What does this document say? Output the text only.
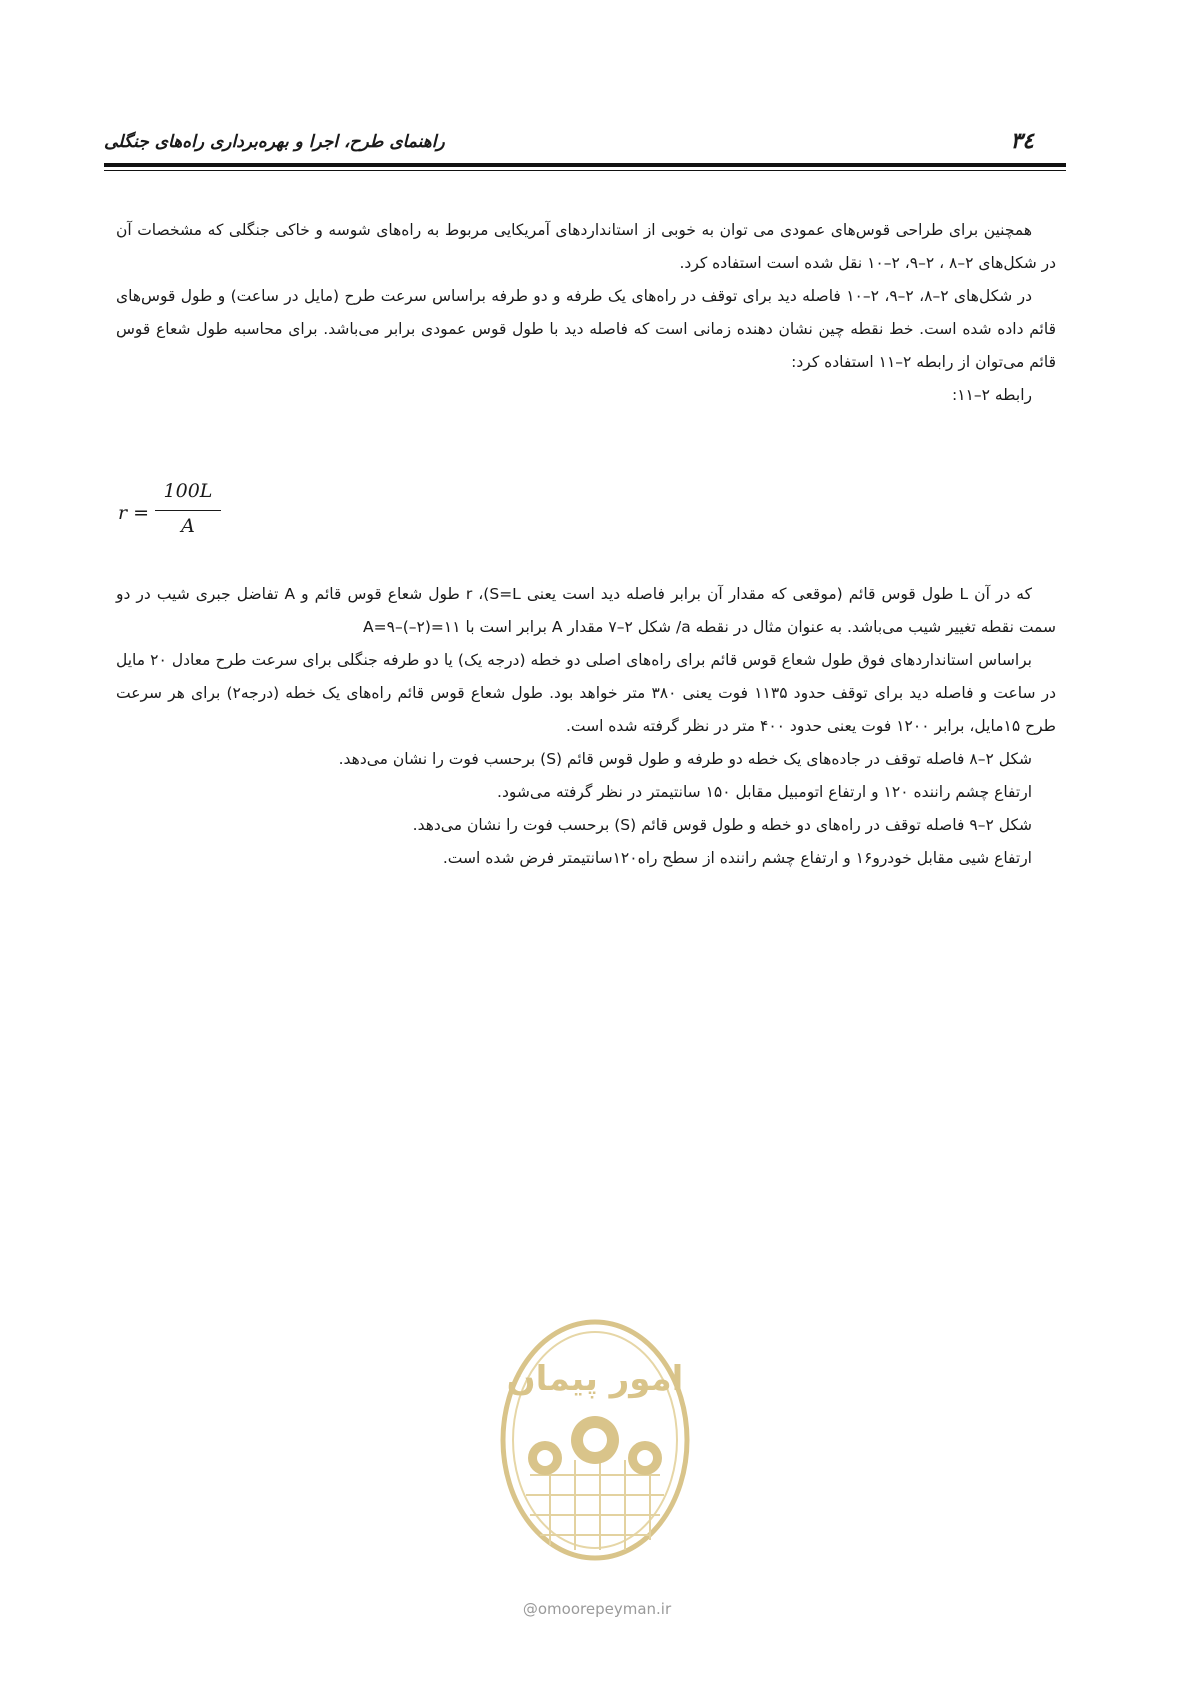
۳٤
راهنمای طرح، اجرا و بهره‌برداری راه‌های جنگلی

همچنین برای طراحی قوس‌های عمودی می توان به خوبی از استانداردهای آمریکایی مربوط به راه‌های شوسه و خاکی جنگلی که مشخصات آن در شکل‌های ۲–۸ ، ۲–۹، ۲–۱۰ نقل شده است استفاده کرد.

در شکل‌های ۲–۸، ۲–۹، ۲–۱۰ فاصله دید برای توقف در راه‌های یک طرفه و دو طرفه براساس سرعت طرح (مایل در ساعت) و طول قوس‌های قائم داده شده است. خط نقطه چین نشان دهنده زمانی است که فاصله دید با طول قوس عمودی برابر می‌باشد. برای محاسبه طول شعاع قوس قائم می‌توان از رابطه ۲–۱۱ استفاده کرد:

رابطه ۲–۱۱:

r =
100L
A

که در آن L طول قوس قائم (موقعی که مقدار آن برابر فاصله دید است یعنی S=L)، r طول شعاع قوس قائم و A تفاضل جبری شیب در دو سمت نقطه تغییر شیب می‌باشد. به عنوان مثال در نقطه a/ شکل ۲–۷ مقدار A برابر است با ۱۱=(۲–)–۹=A

براساس استانداردهای فوق طول شعاع قوس قائم برای راه‌های اصلی دو خطه (درجه یک) یا دو طرفه جنگلی برای سرعت طرح معادل ۲۰ مایل در ساعت و فاصله دید برای توقف حدود ۱۱۳۵ فوت یعنی ۳۸۰ متر خواهد بود. طول شعاع قوس قائم راه‌های یک خطه (درجه۲) برای هر سرعت طرح ۱۵مایل، برابر ۱۲۰۰ فوت یعنی حدود ۴۰۰ متر در نظر گرفته شده است.

شکل ۲–۸ فاصله توقف در جاده‌های یک خطه دو طرفه و طول قوس قائم (S) برحسب فوت را نشان می‌دهد.

ارتفاع چشم راننده ۱۲۰ و ارتفاع اتومبیل مقابل ۱۵۰ سانتیمتر در نظر گرفته می‌شود.

شکل ۲–۹ فاصله توقف در راه‌های دو خطه و طول قوس قائم (S) برحسب فوت را نشان می‌دهد.

ارتفاع شیی مقابل خودرو۱۶ و ارتفاع چشم راننده از سطح راه۱۲۰سانتیمتر فرض شده است.

امور پیمان
@omoorepeyman.ir
